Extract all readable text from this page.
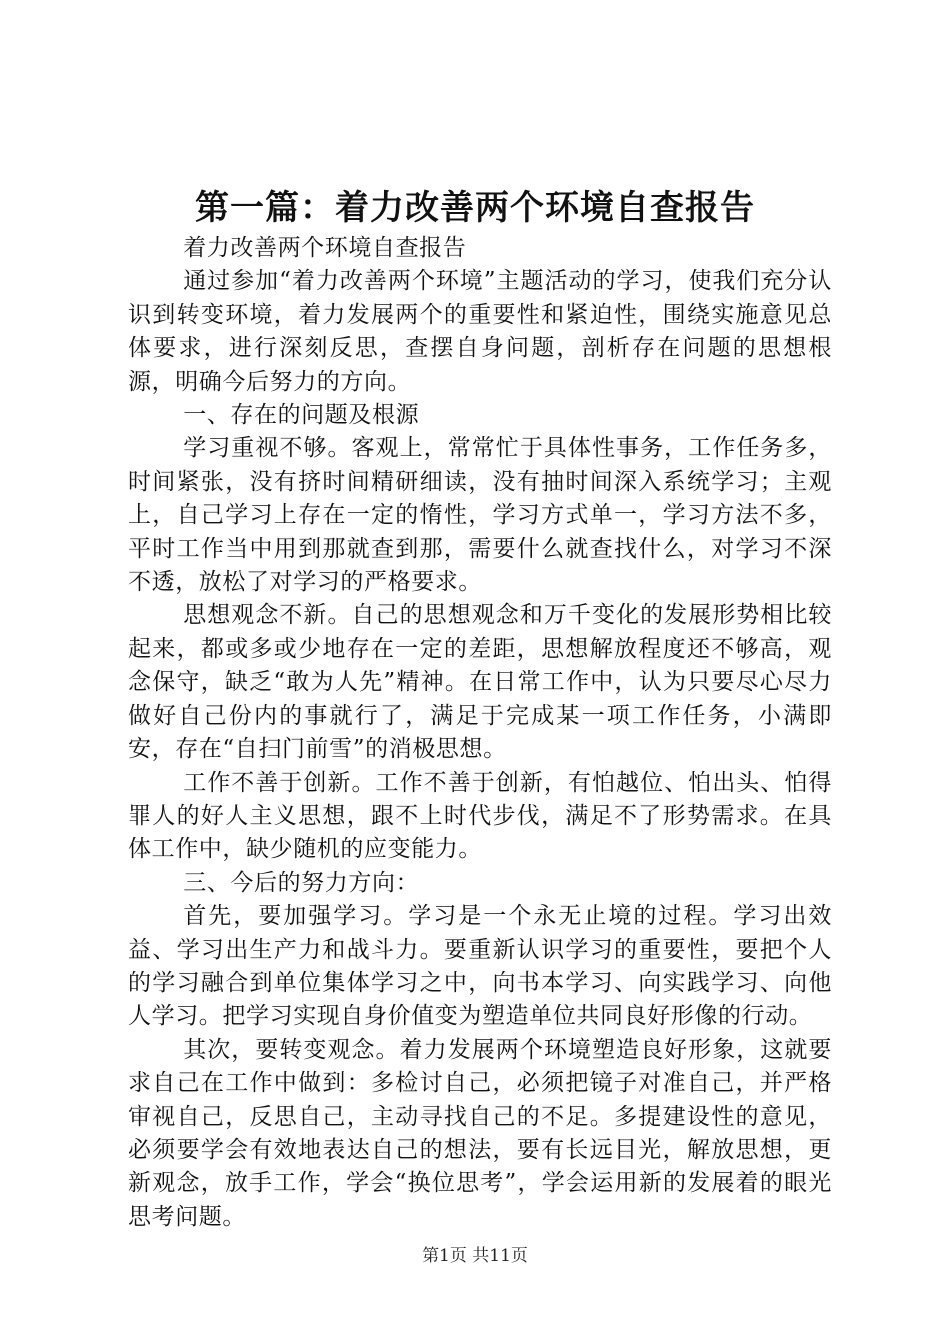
第一篇：着力改善两个环境自查报告

着力改善两个环境自查报告

通过参加“着力改善两个环境”主题活动的学习，使我们充分认识到转变环境，着力发展两个的重要性和紧迫性，围绕实施意见总体要求，进行深刻反思，查摆自身问题，剖析存在问题的思想根源，明确今后努力的方向。

一、存在的问题及根源

学习重视不够。客观上，常常忙于具体性事务，工作任务多，时间紧张，没有挤时间精研细读，没有抽时间深入系统学习；主观上，自己学习上存在一定的惰性，学习方式单一，学习方法不多，平时工作当中用到那就查到那，需要什么就查找什么，对学习不深不透，放松了对学习的严格要求。

思想观念不新。自己的思想观念和万千变化的发展形势相比较起来，都或多或少地存在一定的差距，思想解放程度还不够高，观念保守，缺乏“敢为人先”精神。在日常工作中，认为只要尽心尽力做好自己份内的事就行了，满足于完成某一项工作任务，小满即安，存在“自扫门前雪”的消极思想。

工作不善于创新。工作不善于创新，有怕越位、怕出头、怕得罪人的好人主义思想，跟不上时代步伐，满足不了形势需求。在具体工作中，缺少随机的应变能力。

三、今后的努力方向：

首先，要加强学习。学习是一个永无止境的过程。学习出效益、学习出生产力和战斗力。要重新认识学习的重要性，要把个人的学习融合到单位集体学习之中，向书本学习、向实践学习、向他人学习。把学习实现自身价值变为塑造单位共同良好形像的行动。

其次，要转变观念。着力发展两个环境塑造良好形象，这就要求自己在工作中做到：多检讨自己，必须把镜子对准自己，并严格审视自己，反思自己，主动寻找自己的不足。多提建设性的意见，必须要学会有效地表达自己的想法，要有长远目光，解放思想，更新观念，放手工作，学会“换位思考”，学会运用新的发展着的眼光思考问题。

第1页 共11页
